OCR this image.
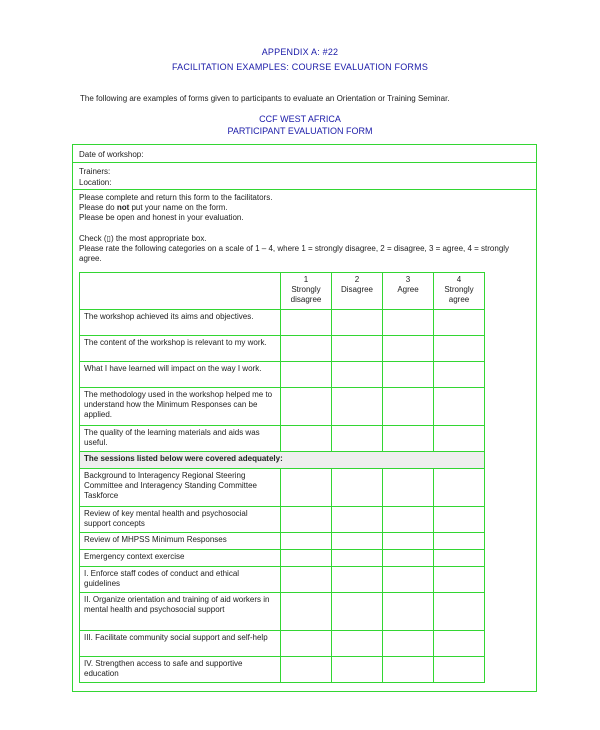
APPENDIX A: #22
FACILITATION EXAMPLES: COURSE EVALUATION FORMS
The following are examples of forms given to participants to evaluate an Orientation or Training Seminar.
CCF WEST AFRICA
PARTICIPANT EVALUATION FORM
Date of workshop:
Trainers:
Location:
Please complete and return this form to the facilitators.
Please do not put your name on the form.
Please be open and honest in your evaluation.
Check (▯) the most appropriate box.
Please rate the following categories on a scale of 1 – 4, where 1 = strongly disagree, 2 = disagree, 3 = agree, 4 = strongly agree.
	1
Strongly
disagree	2
Disagree	3
Agree	4
Strongly
agree
The workshop achieved its aims and objectives.				
The content of the workshop is relevant to my work.				
What I have learned will impact on the way I work.				
The methodology used in the workshop helped me to understand how the Minimum Responses can be applied.				
The quality of the learning materials and aids was useful.				
The sessions listed below were covered adequately:				
Background to Interagency Regional Steering Committee and Interagency Standing Committee Taskforce				
Review of key mental health and psychosocial support concepts				
Review of MHPSS Minimum Responses				
Emergency context exercise				
I. Enforce staff codes of conduct and ethical guidelines				
II. Organize orientation and training of aid workers in mental health and psychosocial support				
III. Facilitate community social support and self-help				
IV. Strengthen access to safe and supportive education				
